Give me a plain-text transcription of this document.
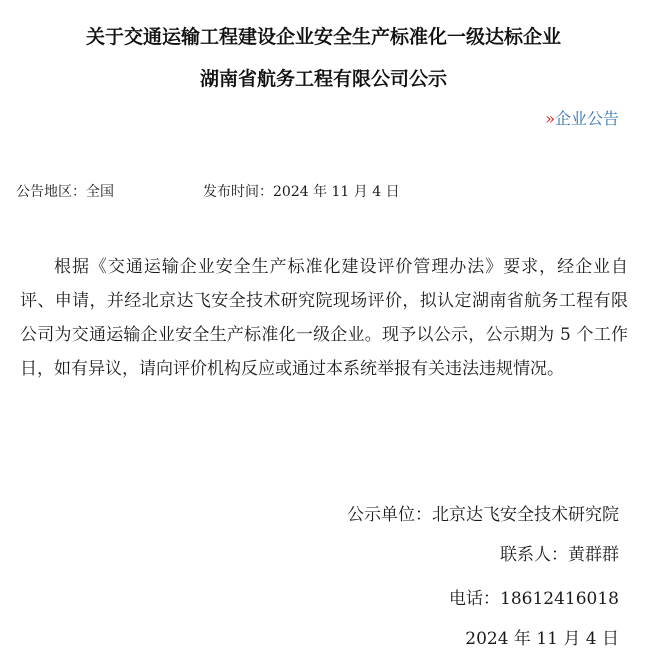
关于交通运输工程建设企业安全生产标准化一级达标企业
湖南省航务工程有限公司公示
»企业公告
公告地区：全国	发布时间：2024 年 11 月 4 日

根据《交通运输企业安全生产标准化建设评价管理办法》要求，经企业自评、申请，并经北京达飞安全技术研究院现场评价，拟认定湖南省航务工程有限公司为交通运输企业安全生产标准化一级企业。现予以公示，公示期为 5 个工作日，如有异议，请向评价机构反应或通过本系统举报有关违法违规情况。

公示单位：北京达飞安全技术研究院
联系人：黄群群
电话：18612416018
2024 年 11 月 4 日
